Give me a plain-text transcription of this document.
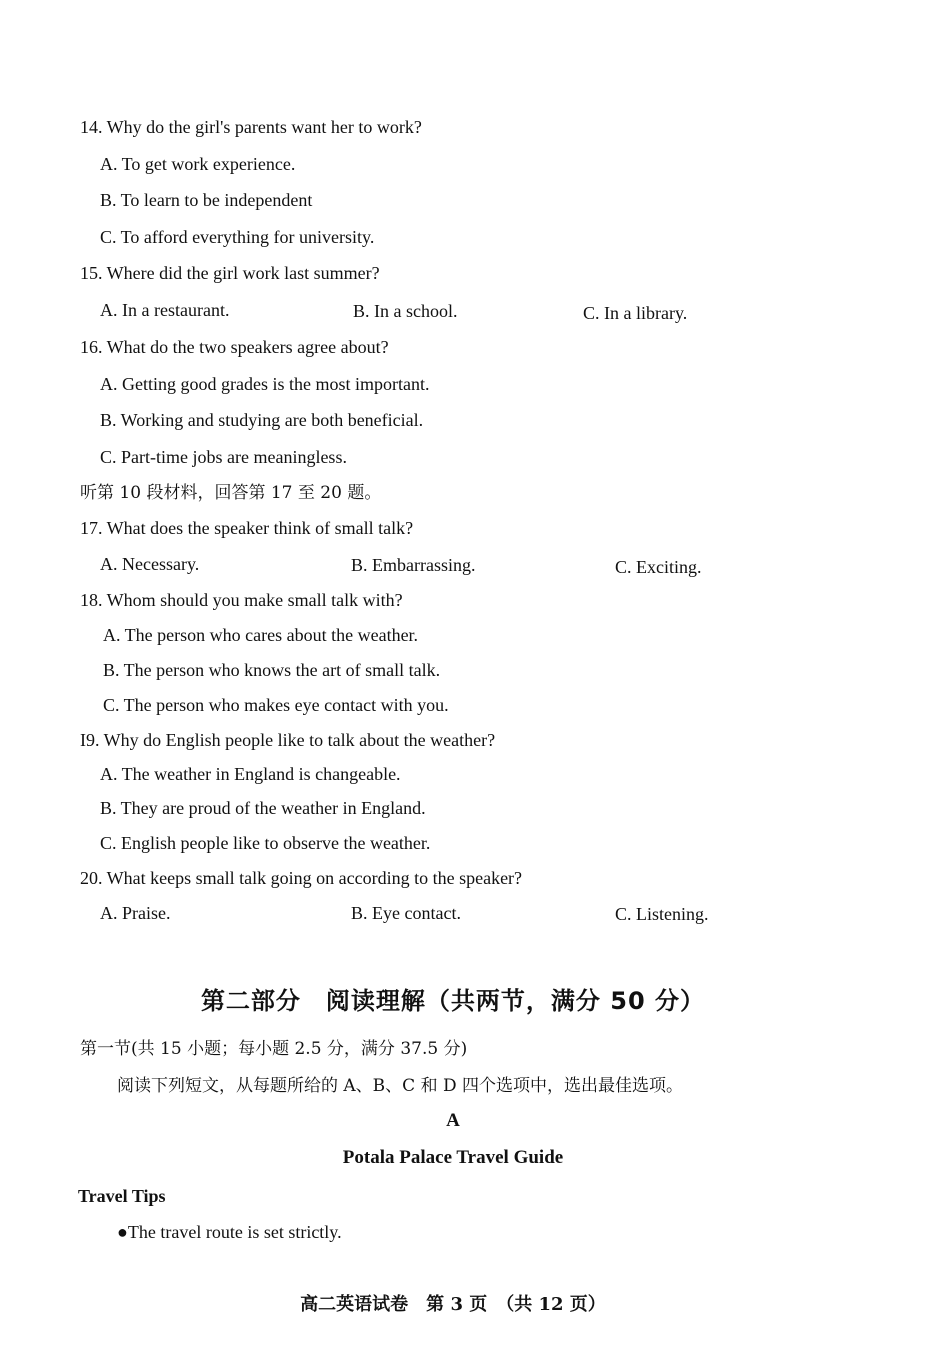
14. Why do the girl's parents want her to work?
A. To get work experience.
B. To learn to be independent
C. To afford everything for university.
15. Where did the girl work last summer?
A. In a restaurant.	B. In a school.	C. In a library.
16. What do the two speakers agree about?
A. Getting good grades is the most important.
B. Working and studying are both beneficial.
C. Part-time jobs are meaningless.
听第 10 段材料，回答第 17 至 20 题。
17. What does the speaker think of small talk?
A. Necessary.	B. Embarrassing.	C. Exciting.
18. Whom should you make small talk with?
A. The person who cares about the weather.
B. The person who knows the art of small talk.
C. The person who makes eye contact with you.
I9. Why do English people like to talk about the weather?
A. The weather in England is changeable.
B. They are proud of the weather in England.
C. English people like to observe the weather.
20. What keeps small talk going on according to the speaker?
A. Praise.	B. Eye contact.	C. Listening.
第二部分　阅读理解（共两节，满分 50 分）
第一节(共 15 小题；每小题 2.5 分，满分 37.5 分)
阅读下列短文，从每题所给的 A、B、C 和 D 四个选项中，选出最佳选项。
A
Potala Palace Travel Guide
Travel Tips
●The travel route is set strictly.
高二英语试卷　第 3 页　（共 12 页）
